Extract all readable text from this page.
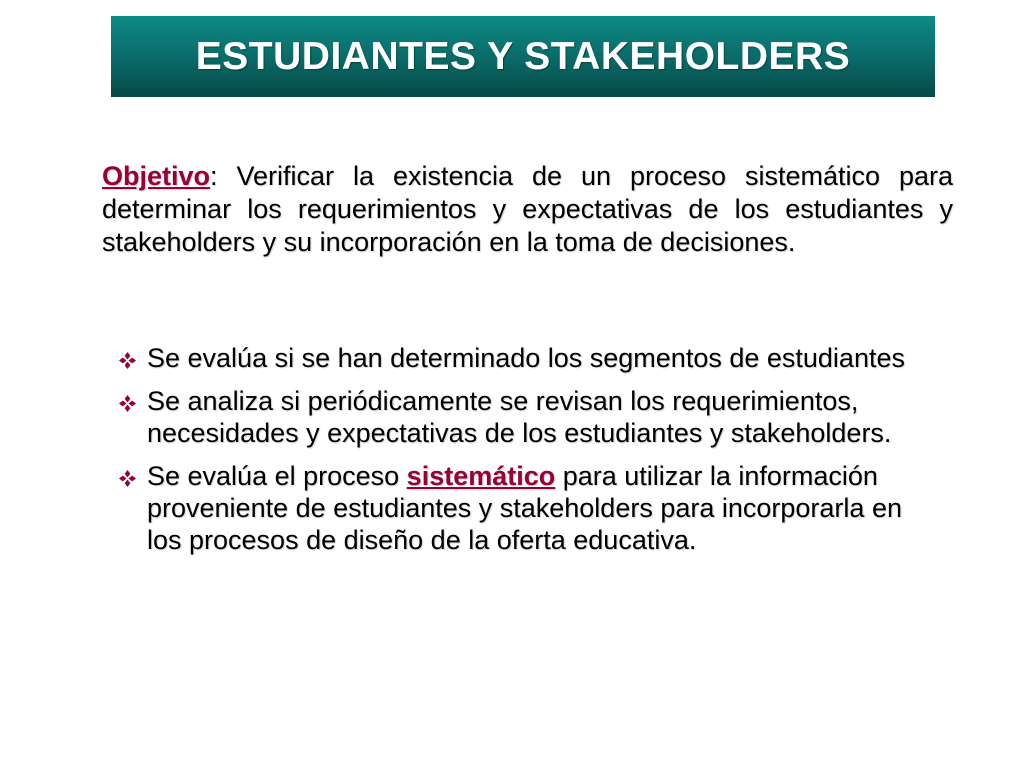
ESTUDIANTES Y STAKEHOLDERS

Objetivo: Verificar la existencia de un proceso sistemático para determinar los requerimientos y expectativas de los estudiantes y stakeholders y su incorporación en la toma de decisiones.

Se evalúa si se han determinado los segmentos de estudiantes
Se analiza si periódicamente se revisan los requerimientos, necesidades y expectativas de los estudiantes y stakeholders.
Se evalúa el proceso sistemático para utilizar la información proveniente de estudiantes y stakeholders para incorporarla en los procesos de diseño de la oferta educativa.
